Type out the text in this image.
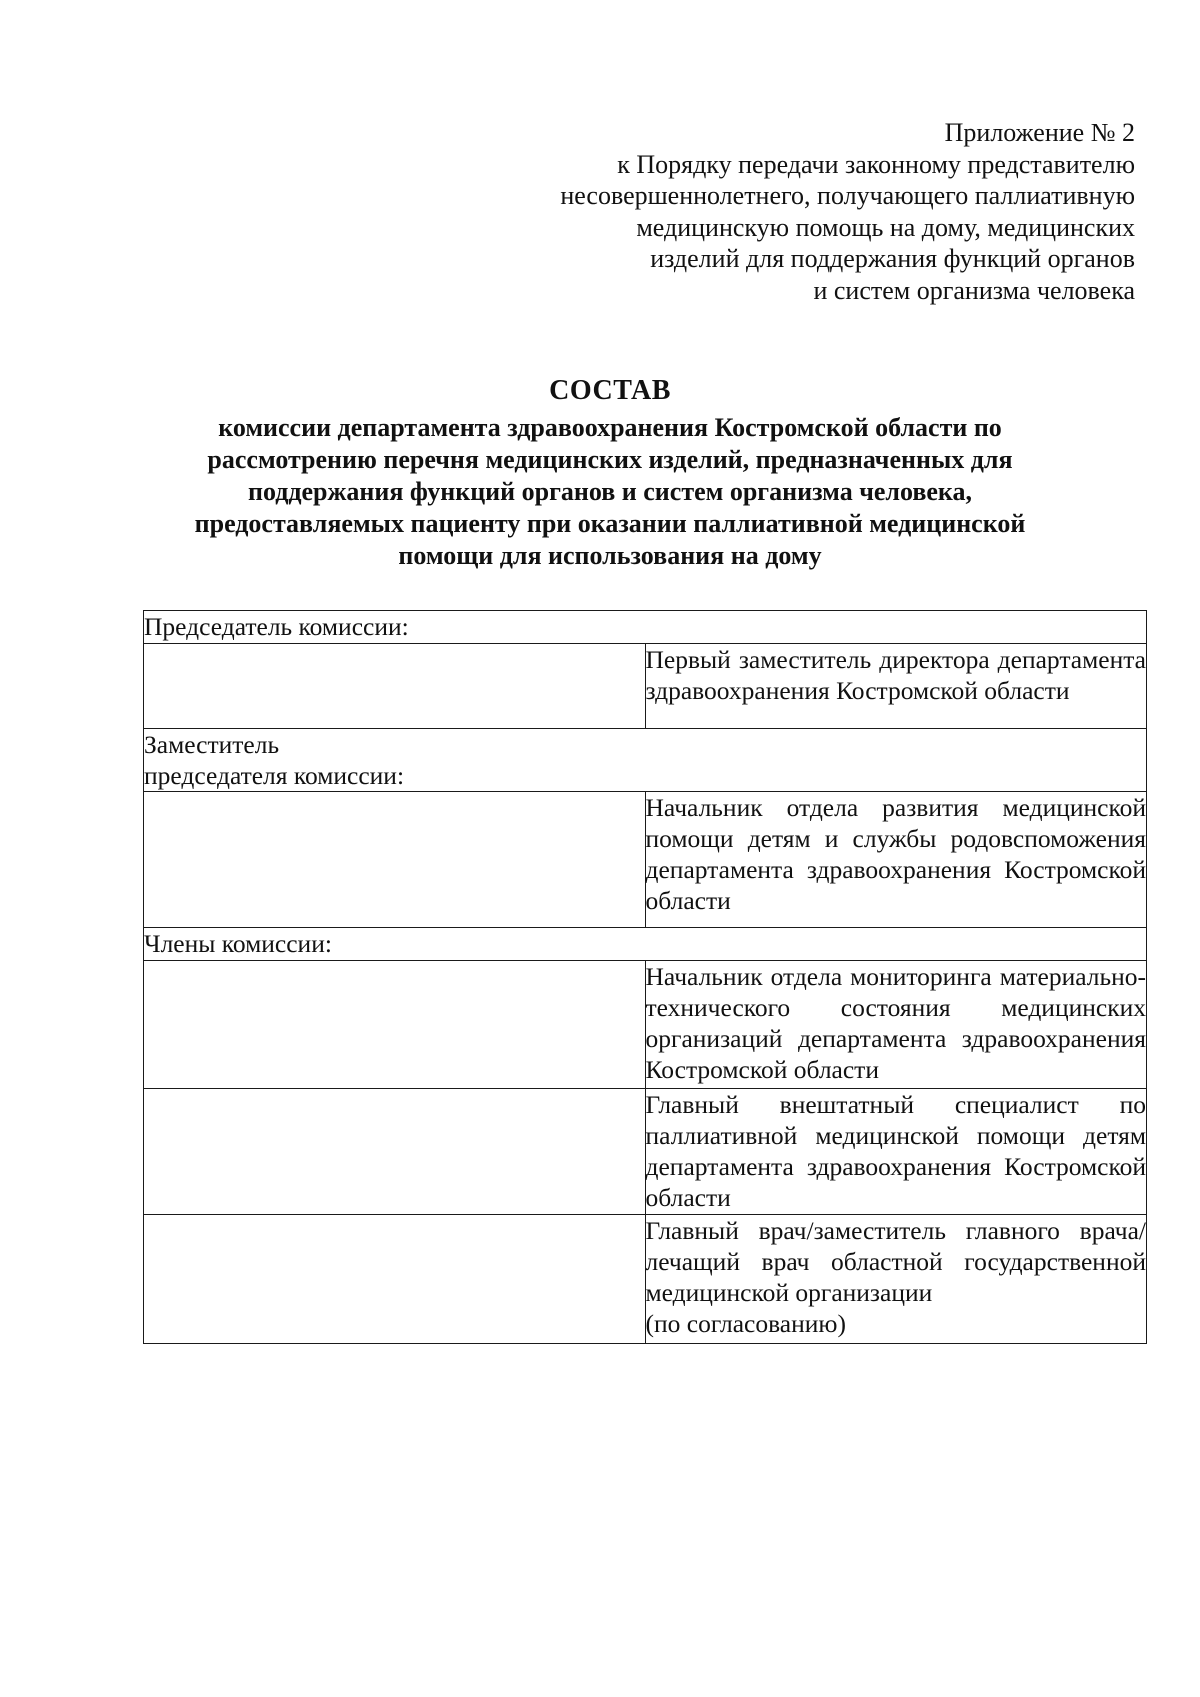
Приложение № 2
к Порядку передачи законному представителю
несовершеннолетнего, получающего паллиативную
медицинскую помощь на дому, медицинских
изделий для поддержания функций органов
и систем организма человека
СОСТАВ
комиссии департамента здравоохранения Костромской области по
рассмотрению перечня медицинских изделий, предназначенных для
поддержания функций органов и систем организма человека,
предоставляемых пациенту при оказании паллиативной медицинской
помощи для использования на дому
Председатель комиссии:	
	Первый заместитель директора департамента здравоохранения Костромской области

Заместитель
председателя комиссии:	

	Начальник отдела развития медицинской помощи детям и службы родовспоможения департамента здравоохранения Костромской области
Члены комиссии:	
	Начальник отдела мониторинга материально-технического состояния медицинских организаций департамента здравоохранения Костромской области
	Главный внештатный специалист по паллиативной медицинской помощи детям департамента здравоохранения Костромской области

	Главный врач/заместитель главного врача/лечащий врач областной государственной медицинской организации
(по согласованию)
